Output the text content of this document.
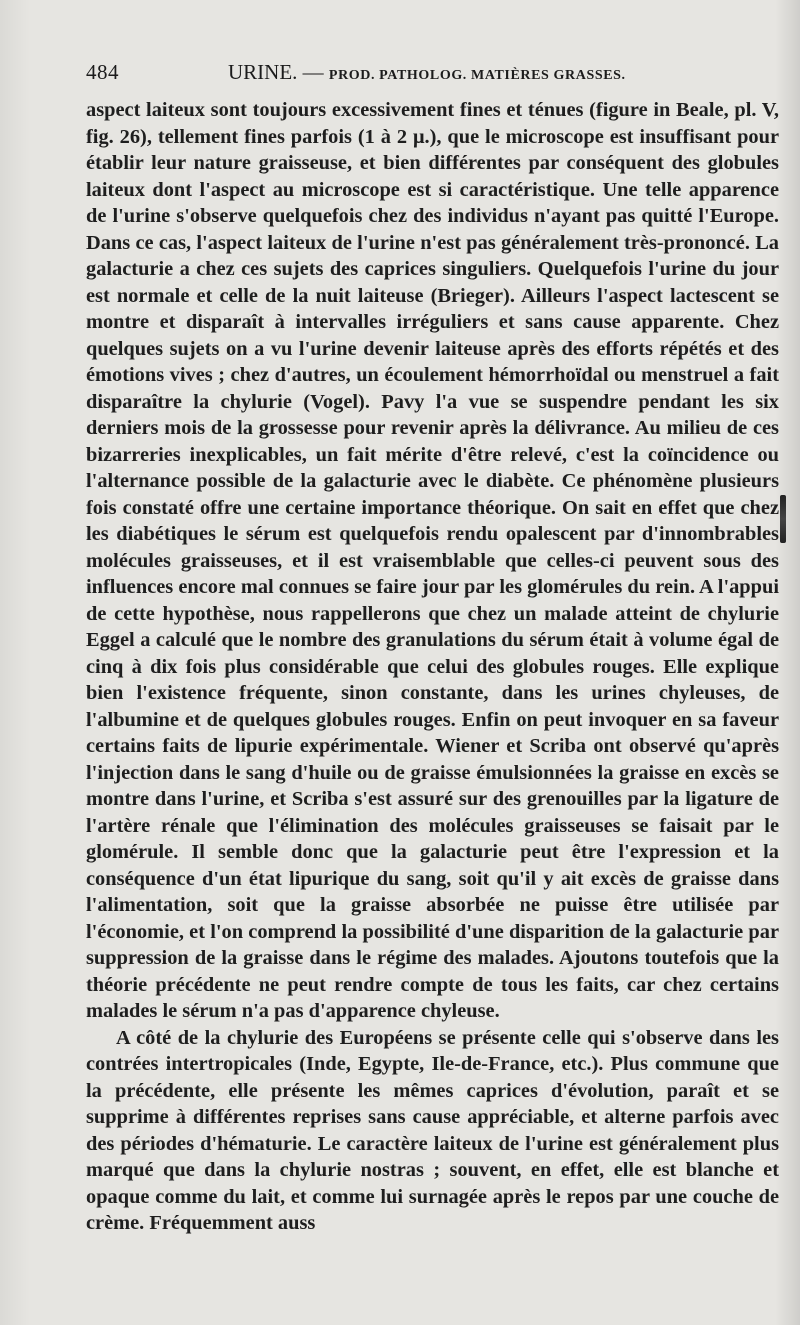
484	URINE. — PROD. PATHOLOG. MATIÈRES GRASSES.

aspect laiteux sont toujours excessivement fines et ténues (figure in Beale, pl. V, fig. 26), tellement fines parfois (1 à 2 μ.), que le microscope est insuffisant pour établir leur nature graisseuse, et bien différentes par conséquent des globules laiteux dont l'aspect au microscope est si caractéristique. Une telle apparence de l'urine s'observe quelquefois chez des individus n'ayant pas quitté l'Europe. Dans ce cas, l'aspect laiteux de l'urine n'est pas généralement très-prononcé. La galacturie a chez ces sujets des caprices singuliers. Quelquefois l'urine du jour est normale et celle de la nuit laiteuse (Brieger). Ailleurs l'aspect lactescent se montre et disparaît à intervalles irréguliers et sans cause apparente. Chez quelques sujets on a vu l'urine devenir laiteuse après des efforts répétés et des émotions vives ; chez d'autres, un écoulement hémorrhoïdal ou menstruel a fait disparaître la chylurie (Vogel). Pavy l'a vue se suspendre pendant les six derniers mois de la grossesse pour revenir après la délivrance. Au milieu de ces bizarreries inexplicables, un fait mérite d'être relevé, c'est la coïncidence ou l'alternance possible de la galacturie avec le diabète. Ce phénomène plusieurs fois constaté offre une certaine importance théorique. On sait en effet que chez les diabétiques le sérum est quelquefois rendu opalescent par d'innombrables molécules graisseuses, et il est vraisemblable que celles-ci peuvent sous des influences encore mal connues se faire jour par les glomérules du rein. A l'appui de cette hypothèse, nous rappellerons que chez un malade atteint de chylurie Eggel a calculé que le nombre des granulations du sérum était à volume égal de cinq à dix fois plus considérable que celui des globules rouges. Elle explique bien l'existence fréquente, sinon constante, dans les urines chyleuses, de l'albumine et de quelques globules rouges. Enfin on peut invoquer en sa faveur certains faits de lipurie expérimentale. Wiener et Scriba ont observé qu'après l'injection dans le sang d'huile ou de graisse émulsionnées la graisse en excès se montre dans l'urine, et Scriba s'est assuré sur des grenouilles par la ligature de l'artère rénale que l'élimination des molécules graisseuses se faisait par le glomérule. Il semble donc que la galacturie peut être l'expression et la conséquence d'un état lipurique du sang, soit qu'il y ait excès de graisse dans l'alimentation, soit que la graisse absorbée ne puisse être utilisée par l'économie, et l'on comprend la possibilité d'une disparition de la galacturie par suppression de la graisse dans le régime des malades. Ajoutons toutefois que la théorie précédente ne peut rendre compte de tous les faits, car chez certains malades le sérum n'a pas d'apparence chyleuse.

A côté de la chylurie des Européens se présente celle qui s'observe dans les contrées intertropicales (Inde, Egypte, Ile-de-France, etc.). Plus commune que la précédente, elle présente les mêmes caprices d'évolution, paraît et se supprime à différentes reprises sans cause appréciable, et alterne parfois avec des périodes d'hématurie. Le caractère laiteux de l'urine est généralement plus marqué que dans la chylurie nostras ; souvent, en effet, elle est blanche et opaque comme du lait, et comme lui surnagée après le repos par une couche de crème. Fréquemment auss
